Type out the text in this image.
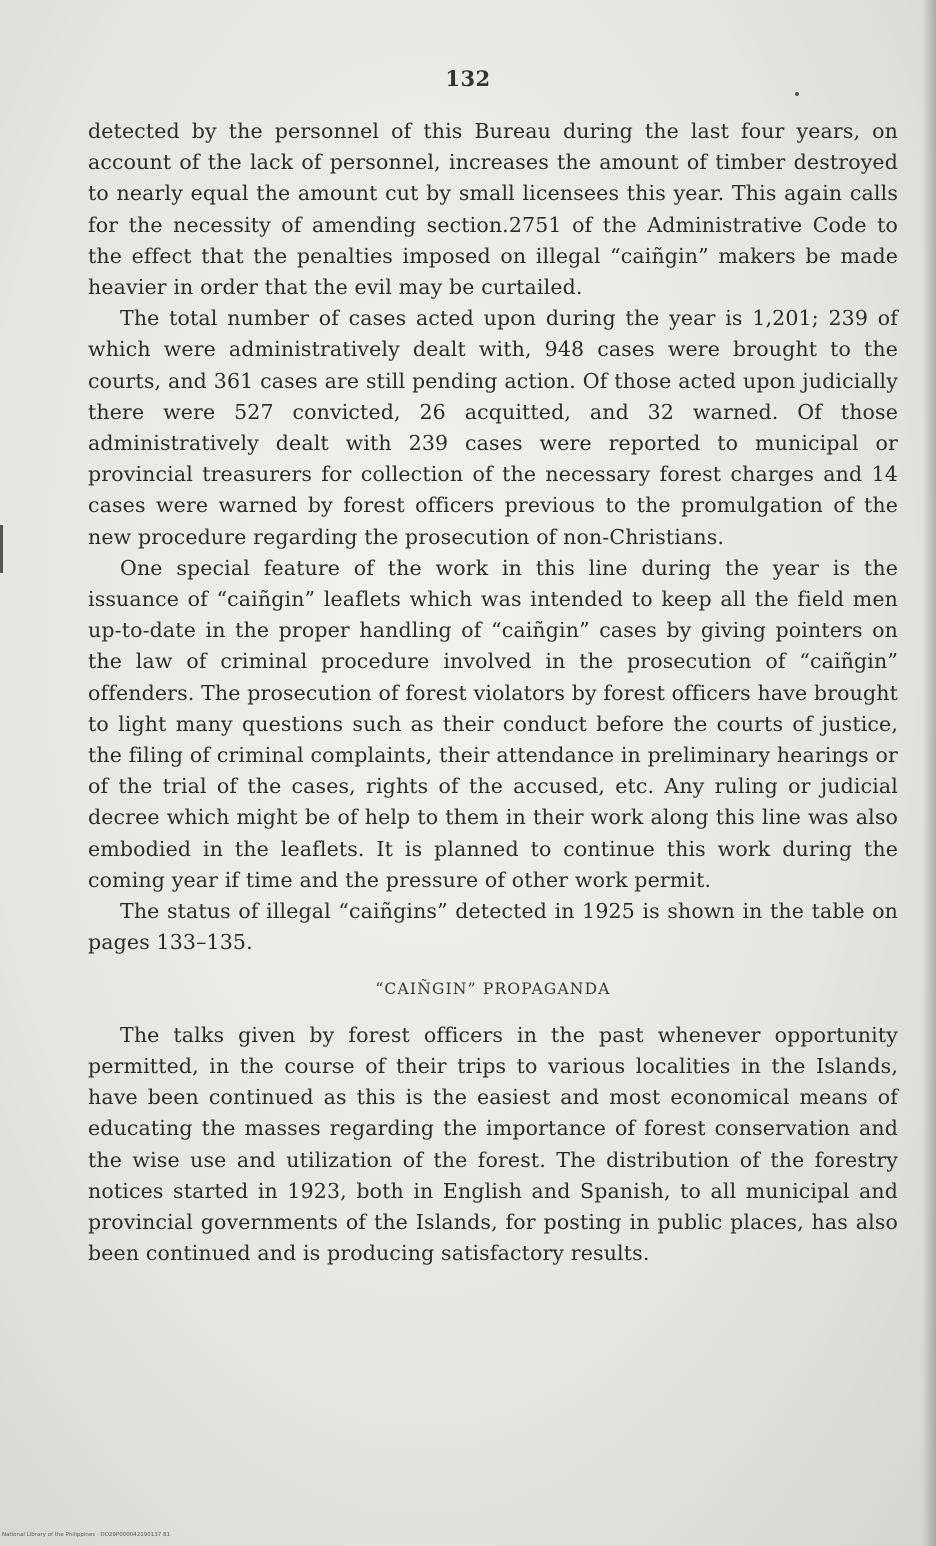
132

detected by the personnel of this Bureau during the last four years, on account of the lack of personnel, increases the amount of timber destroyed to nearly equal the amount cut by small licensees this year. This again calls for the necessity of amending section.2751 of the Administrative Code to the effect that the penalties imposed on illegal “caiñgin” makers be made heavier in order that the evil may be curtailed.

The total number of cases acted upon during the year is 1,201; 239 of which were administratively dealt with, 948 cases were brought to the courts, and 361 cases are still pending action. Of those acted upon judicially there were 527 convicted, 26 acquitted, and 32 warned. Of those administratively dealt with 239 cases were reported to municipal or provincial treasurers for collection of the necessary forest charges and 14 cases were warned by forest officers previous to the promulgation of the new procedure regarding the prosecution of non-Christians.

One special feature of the work in this line during the year is the issuance of “caiñgin” leaflets which was intended to keep all the field men up-to-date in the proper handling of “caiñgin” cases by giving pointers on the law of criminal procedure involved in the prosecution of “caiñgin” offenders. The prosecution of forest violators by forest officers have brought to light many questions such as their conduct before the courts of justice, the filing of criminal complaints, their attendance in preliminary hearings or of the trial of the cases, rights of the accused, etc. Any ruling or judicial decree which might be of help to them in their work along this line was also embodied in the leaflets. It is planned to continue this work during the coming year if time and the pressure of other work permit.

The status of illegal “caiñgins” detected in 1925 is shown in the table on pages 133–135.

“CAIÑGIN” PROPAGANDA

The talks given by forest officers in the past whenever opportunity permitted, in the course of their trips to various localities in the Islands, have been continued as this is the easiest and most economical means of educating the masses regarding the importance of forest conservation and the wise use and utilization of the forest. The distribution of the forestry notices started in 1923, both in English and Spanish, to all municipal and provincial governments of the Islands, for posting in public places, has also been continued and is producing satisfactory results.

National Library of the Philippines · DO29P000042190137 81
